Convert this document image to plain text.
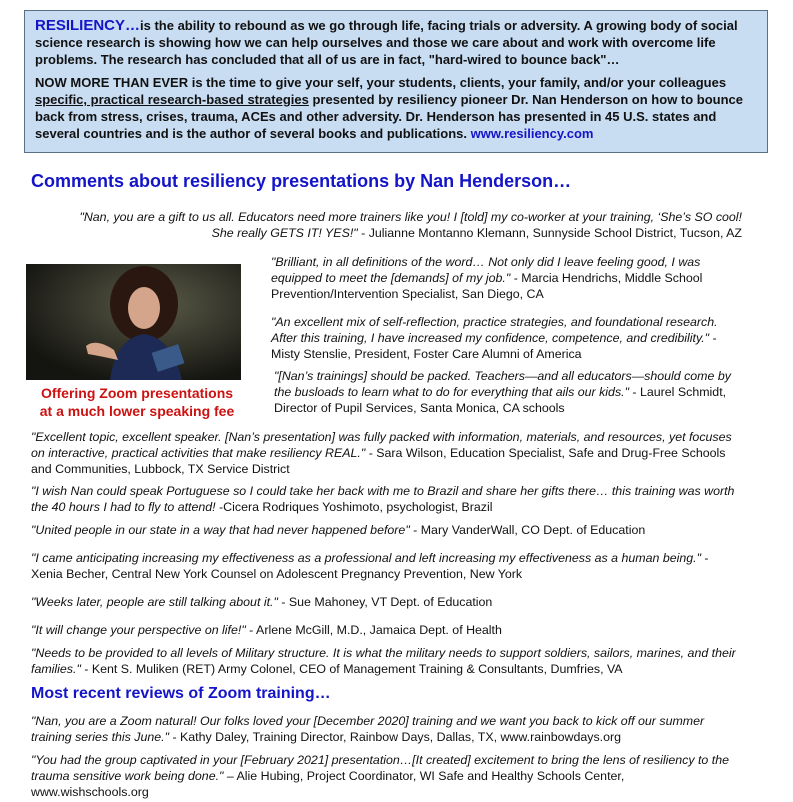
RESILIENCY…is the ability to rebound as we go through life, facing trials or adversity. A growing body of social science research is showing how we can help ourselves and those we care about and work with overcome life problems. The research has concluded that all of us are in fact, "hard-wired to bounce back"…

NOW MORE THAN EVER is the time to give your self, your students, clients, your family, and/or your colleagues specific, practical research-based strategies presented by resiliency pioneer Dr. Nan Henderson on how to bounce back from stress, crises, trauma, ACEs and other adversity. Dr. Henderson has presented in 45 U.S. states and several countries and is the author of several books and publications. www.resiliency.com

Comments about resiliency presentations by Nan Henderson…

"Nan, you are a gift to us all. Educators need more trainers like you! I [told] my co-worker at your training, ‘She’s SO cool! She really GETS IT! YES!" - Julianne Montanno Klemann, Sunnyside School District, Tucson, AZ

Offering Zoom presentations
at a much lower speaking fee

"Brilliant, in all definitions of the word… Not only did I leave feeling good, I was equipped to meet the [demands] of my job." - Marcia Hendrichs, Middle School Prevention/Intervention Specialist, San Diego, CA

"An excellent mix of self-reflection, practice strategies, and foundational research. After this training, I have increased my confidence, competence, and credibility." - Misty Stenslie, President, Foster Care Alumni of America

"[Nan’s trainings] should be packed. Teachers—and all educators—should come by the busloads to learn what to do for everything that ails our kids." - Laurel Schmidt, Director of Pupil Services, Santa Monica, CA schools

"Excellent topic, excellent speaker. [Nan’s presentation] was fully packed with information, materials, and resources, yet focuses on interactive, practical activities that make resiliency REAL." - Sara Wilson, Education Specialist, Safe and Drug-Free Schools and Communities, Lubbock, TX Service District

"I wish Nan could speak Portuguese so I could take her back with me to Brazil and share her gifts there… this training was worth the 40 hours I had to fly to attend! -Cicera Rodriques Yoshimoto, psychologist, Brazil

"United people in our state in a way that had never happened before" - Mary VanderWall, CO Dept. of Education

"I came anticipating increasing my effectiveness as a professional and left increasing my effectiveness as a human being." - Xenia Becher, Central New York Counsel on Adolescent Pregnancy Prevention, New York

"Weeks later, people are still talking about it." - Sue Mahoney, VT Dept. of Education

"It will change your perspective on life!" - Arlene McGill, M.D., Jamaica Dept. of Health

"Needs to be provided to all levels of Military structure. It is what the military needs to support soldiers, sailors, marines, and their families." - Kent S. Muliken (RET) Army Colonel, CEO of Management Training & Consultants, Dumfries, VA

Most recent reviews of Zoom training…

"Nan, you are a Zoom natural! Our folks loved your [December 2020] training and we want you back to kick off our summer training series this June." - Kathy Daley, Training Director, Rainbow Days, Dallas, TX, www.rainbowdays.org

"You had the group captivated in your [February 2021] presentation…[It created] excitement to bring the lens of resiliency to the trauma sensitive work being done." – Alie Hubing, Project Coordinator, WI Safe and Healthy Schools Center, www.wishschools.org
